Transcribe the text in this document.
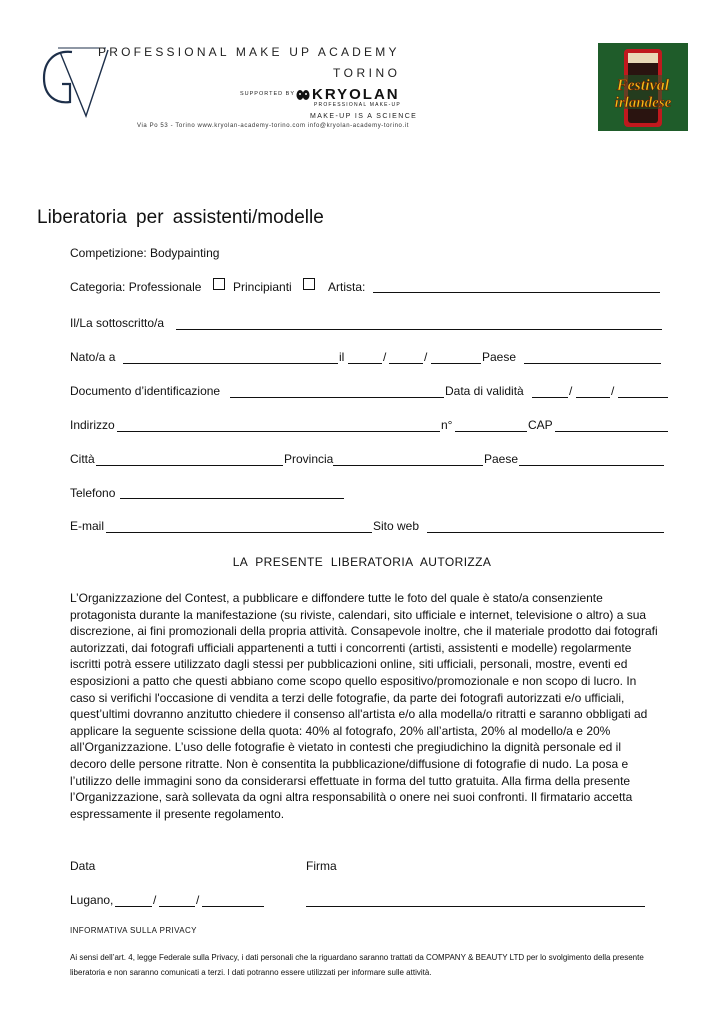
PROFESSIONAL MAKE UP ACADEMY
TORINO
SUPPORTED BY KRYOLAN
PROFESSIONAL MAKE-UP
MAKE-UP IS A SCIENCE
Via Po 53 - Torino www.kryolan-academy-torino.com info@kryolan-academy-torino.it
Festival
irlandese
Liberatoria per assistenti/modelle
Competizione: Bodypainting
Categoria: Professionale	Principianti	Artista:
Il/La sottoscritto/a
Nato/a a	il	/	/	Paese
Documento d’identificazione	Data di validità	/	/
Indirizzo	n°	CAP
Città	Provincia	Paese
Telefono
E-mail	Sito web
LA PRESENTE LIBERATORIA AUTORIZZA
L’Organizzazione del Contest, a pubblicare e diffondere tutte le foto del quale è stato/a consenziente protagonista durante la manifestazione (su riviste, calendari, sito ufficiale e internet, televisione o altro) a sua discrezione, ai fini promozionali della propria attività. Consapevole inoltre, che il materiale prodotto dai fotografi autorizzati, dai fotografi ufficiali appartenenti a tutti i concorrenti (artisti, assistenti e modelle) regolarmente iscritti potrà essere utilizzato dagli stessi per pubblicazioni online, siti ufficiali, personali, mostre, eventi ed esposizioni a patto che questi abbiano come scopo quello espositivo/promozionale e non scopo di lucro. In caso si verifichi l'occasione di vendita a terzi delle fotografie, da parte dei fotografi autorizzati e/o ufficiali, quest’ultimi dovranno anzitutto chiedere il consenso all'artista e/o alla modella/o ritratti e saranno obbligati ad applicare la seguente scissione della quota: 40% al fotografo, 20% all’artista, 20% al modello/a e 20% all’Organizzazione. L’uso delle fotografie è vietato in contesti che pregiudichino la dignità personale ed il decoro delle persone ritratte. Non è consentita la pubblicazione/diffusione di fotografie di nudo. La posa e l’utilizzo delle immagini sono da considerarsi effettuate in forma del tutto gratuita. Alla firma della presente l’Organizzazione, sarà sollevata da ogni altra responsabilità o onere nei suoi confronti. Il firmatario accetta espressamente il presente regolamento.
Data	Firma
Lugano,	/	/
INFORMATIVA SULLA PRIVACY
Ai sensi dell’art. 4, legge Federale sulla Privacy, i dati personali che la riguardano saranno trattati da COMPANY & BEAUTY LTD per lo svolgimento della presente liberatoria e non saranno comunicati a terzi. I dati potranno essere utilizzati per informare sulle attività.
